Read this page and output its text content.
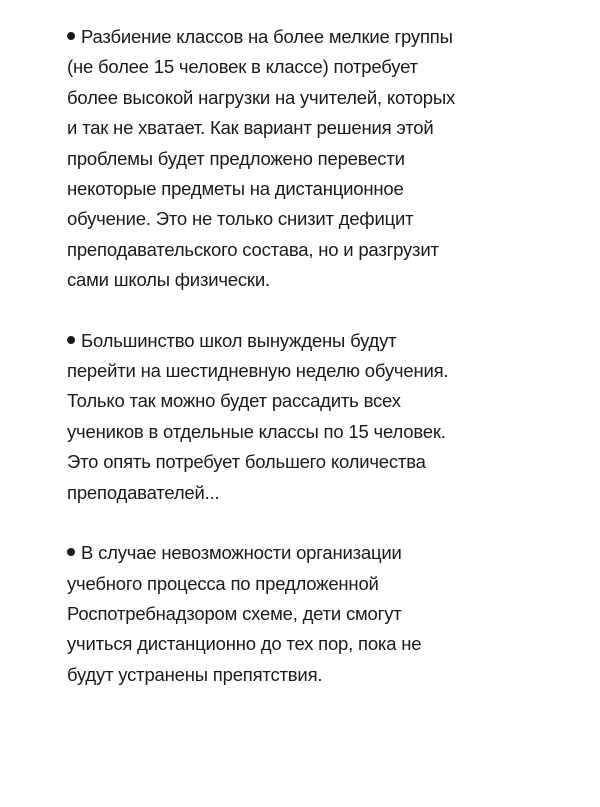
Разбиение классов на более мелкие группы
(не более 15 человек в классе) потребует
более высокой нагрузки на учителей, которых
и так не хватает. Как вариант решения этой
проблемы будет предложено перевести
некоторые предметы на дистанционное
обучение. Это не только снизит дефицит
преподавательского состава, но и разгрузит
сами школы физически.

Большинство школ вынуждены будут
перейти на шестидневную неделю обучения.
Только так можно будет рассадить всех
учеников в отдельные классы по 15 человек.
Это опять потребует большего количества
преподавателей...

В случае невозможности организации
учебного процесса по предложенной
Роспотребнадзором схеме, дети смогут
учиться дистанционно до тех пор, пока не
будут устранены препятствия.
